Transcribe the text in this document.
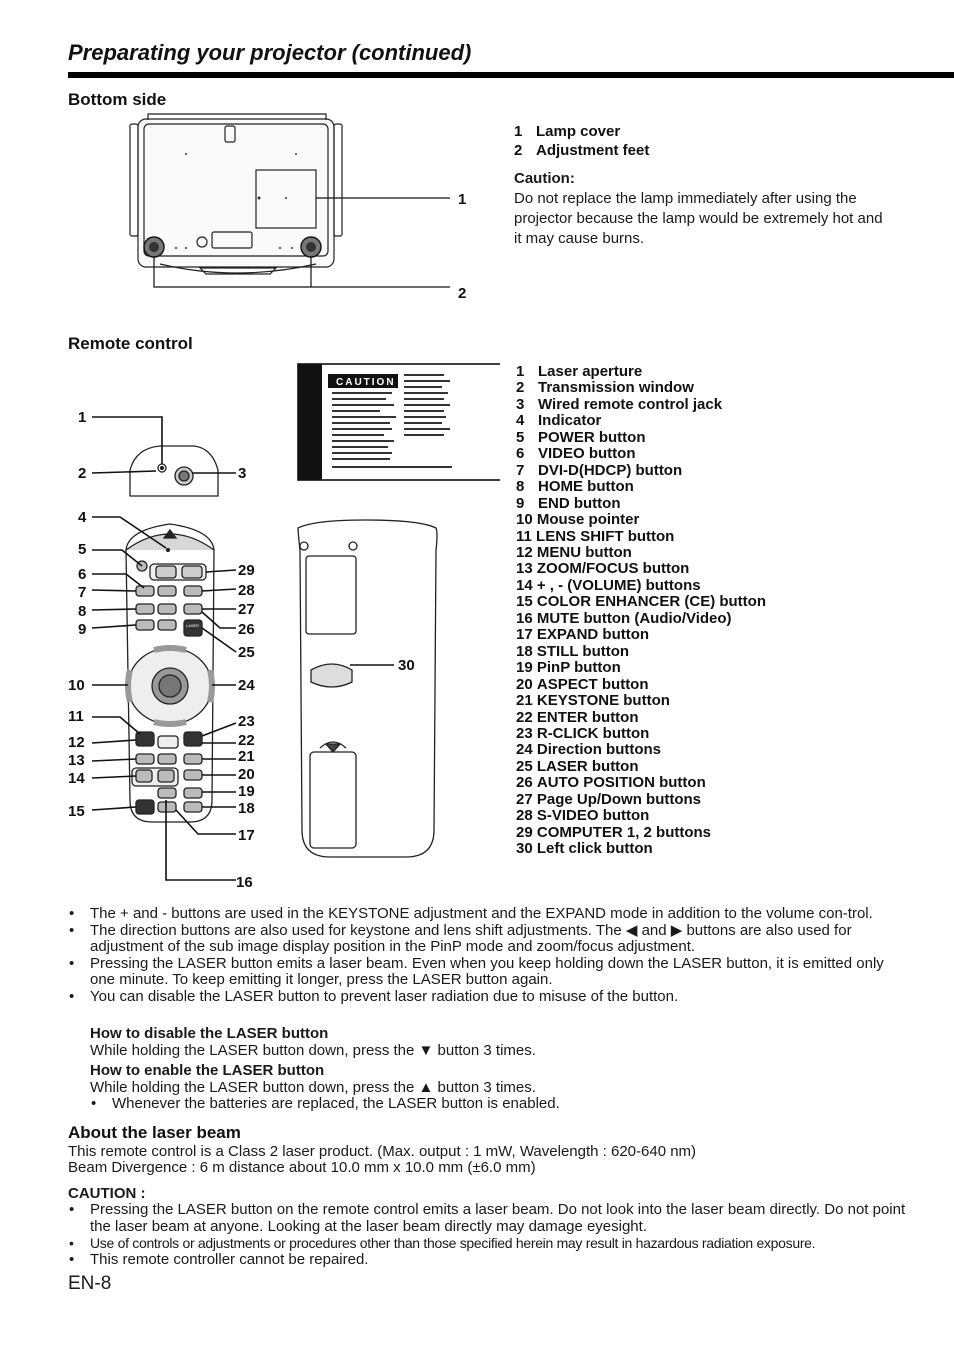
Preparating your projector (continued)
Bottom side
1
2
1 Lamp cover
2 Adjustment feet
Caution:
Do not replace the lamp immediately after using the projector because the lamp would be extremely hot and it may cause burns.
Remote control
CAUTION
LASER
1
2	3
4
5
6
7
8
9
10
11
12
13
14
15
16
17
18
19
20
21
22
23
24
25
26
27
28
29
30
1 Laser aperture
2 Transmission window
3 Wired remote control jack
4 Indicator
5 POWER button
6 VIDEO button
7 DVI-D(HDCP) button
8 HOME button
9 END button
10
Mouse pointer
11
LENS SHIFT button
12
MENU button
13
ZOOM/FOCUS button
14
+ , - (VOLUME) buttons
15
COLOR ENHANCER (CE) button
16
MUTE button (Audio/Video)
17
EXPAND button
18
STILL button
19
PinP button
20
ASPECT button
21
KEYSTONE button
22
ENTER button
23
R-CLICK button
24
Direction buttons
25
LASER button
26
AUTO POSITION button
27
Page Up/Down buttons
28
S-VIDEO button
29
COMPUTER 1, 2 buttons
30
Left click button
• The + and - buttons are used in the KEYSTONE adjustment and the EXPAND mode in addition to the volume con-trol.
• The direction buttons are also used for keystone and lens shift adjustments. The ◀ and ▶ buttons are also used for adjustment of the sub image display position in the PinP mode and zoom/focus adjustment.
• Pressing the LASER button emits a laser beam. Even when you keep holding down the LASER button, it is emitted only one minute. To keep emitting it longer, press the LASER button again.
• You can disable the LASER button to prevent laser radiation due to misuse of the button.
How to disable the LASER button
While holding the LASER button down, press the ▼ button 3 times.
How to enable the LASER button
While holding the LASER button down, press the ▲ button 3 times.
• Whenever the batteries are replaced, the LASER button is enabled.
About the laser beam

This remote control is a Class 2 laser product. (Max. output : 1 mW, Wavelength : 620-640 nm)

Beam Divergence : 6 m distance about 10.0 mm x 10.0 mm (±6.0 mm)

CAUTION :

• Pressing the LASER button on the remote control emits a laser beam. Do not look into the laser beam directly. Do not point the laser beam at anyone. Looking at the laser beam directly may damage eyesight.
• Use of controls or adjustments or procedures other than those specified herein may result in hazardous radiation exposure.
• This remote controller cannot be repaired.
EN-8
